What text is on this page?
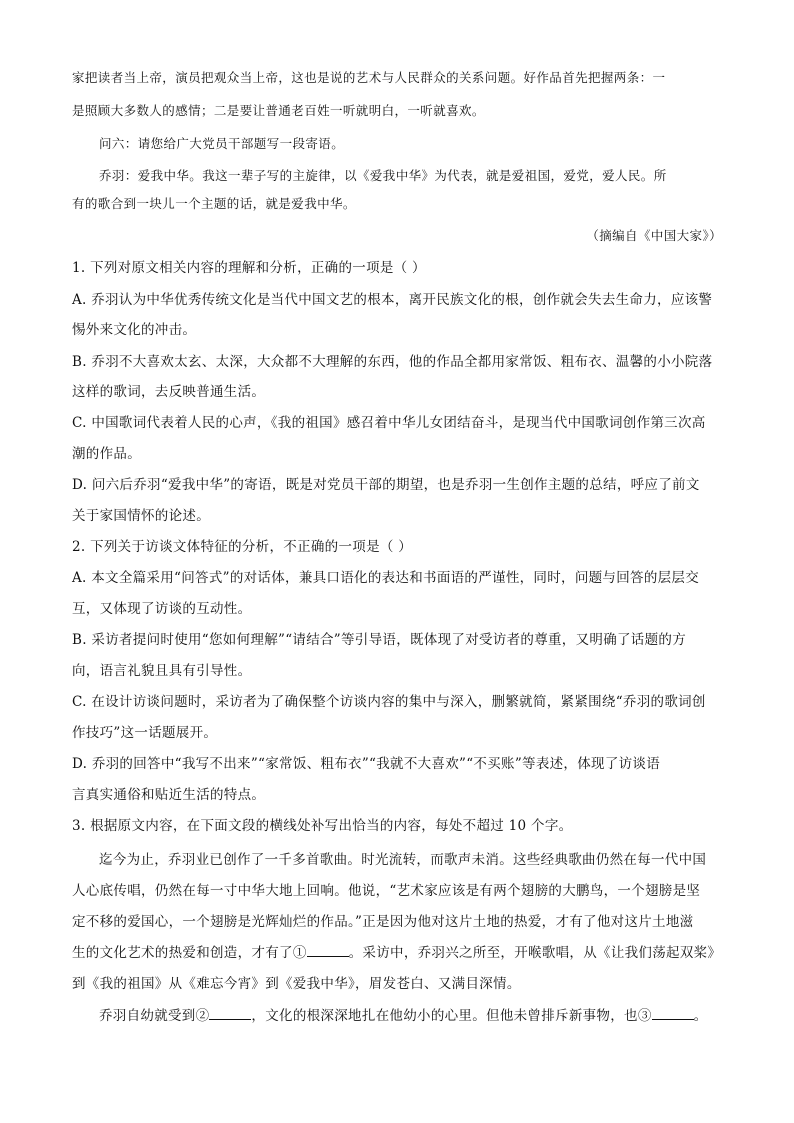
家把读者当上帝，演员把观众当上帝，这也是说的艺术与人民群众的关系问题。好作品首先把握两条：一
是照顾大多数人的感情；二是要让普通老百姓一听就明白，一听就喜欢。
问六：请您给广大党员干部题写一段寄语。
乔羽：爱我中华。我这一辈子写的主旋律，以《爱我中华》为代表，就是爱祖国，爱党，爱人民。所
有的歌合到一块儿一个主题的话，就是爱我中华。
（摘编自《中国大家》）
1. 下列对原文相关内容的理解和分析，正确的一项是（ ）
A. 乔羽认为中华优秀传统文化是当代中国文艺的根本，离开民族文化的根，创作就会失去生命力，应该警
惕外来文化的冲击。
B. 乔羽不大喜欢太玄、太深，大众都不大理解的东西，他的作品全都用家常饭、粗布衣、温馨的小小院落
这样的歌词，去反映普通生活。
C. 中国歌词代表着人民的心声，《我的祖国》感召着中华儿女团结奋斗，是现当代中国歌词创作第三次高
潮的作品。
D. 问六后乔羽“爱我中华”的寄语，既是对党员干部的期望，也是乔羽一生创作主题的总结，呼应了前文
关于家国情怀的论述。
2. 下列关于访谈文体特征的分析，不正确的一项是（ ）
A. 本文全篇采用“问答式”的对话体，兼具口语化的表达和书面语的严谨性，同时，问题与回答的层层交
互，又体现了访谈的互动性。
B. 采访者提问时使用“您如何理解”“请结合”等引导语，既体现了对受访者的尊重，又明确了话题的方
向，语言礼貌且具有引导性。
C. 在设计访谈问题时，采访者为了确保整个访谈内容的集中与深入，删繁就简，紧紧围绕“乔羽的歌词创
作技巧”这一话题展开。
D. 乔羽的回答中“我写不出来”“家常饭、粗布衣”“我就不大喜欢”“不买账”等表述，体现了访谈语
言真实通俗和贴近生活的特点。
3. 根据原文内容，在下面文段的横线处补写出恰当的内容，每处不超过 10 个字。
迄今为止，乔羽业已创作了一千多首歌曲。时光流转，而歌声未消。这些经典歌曲仍然在每一代中国
人心底传唱，仍然在每一寸中华大地上回响。他说，“艺术家应该是有两个翅膀的大鹏鸟，一个翅膀是坚
定不移的爱国心，一个翅膀是光辉灿烂的作品。”正是因为他对这片土地的热爱，才有了他对这片土地滋
生的文化艺术的热爱和创造，才有了①	。采访中，乔羽兴之所至，开喉歌唱，从《让我们荡起双桨》
到《我的祖国》从《难忘今宵》到《爱我中华》，眉发苍白、又满目深情。
乔羽自幼就受到②	，文化的根深深地扎在他幼小的心里。但他未曾排斥新事物，也③	。
